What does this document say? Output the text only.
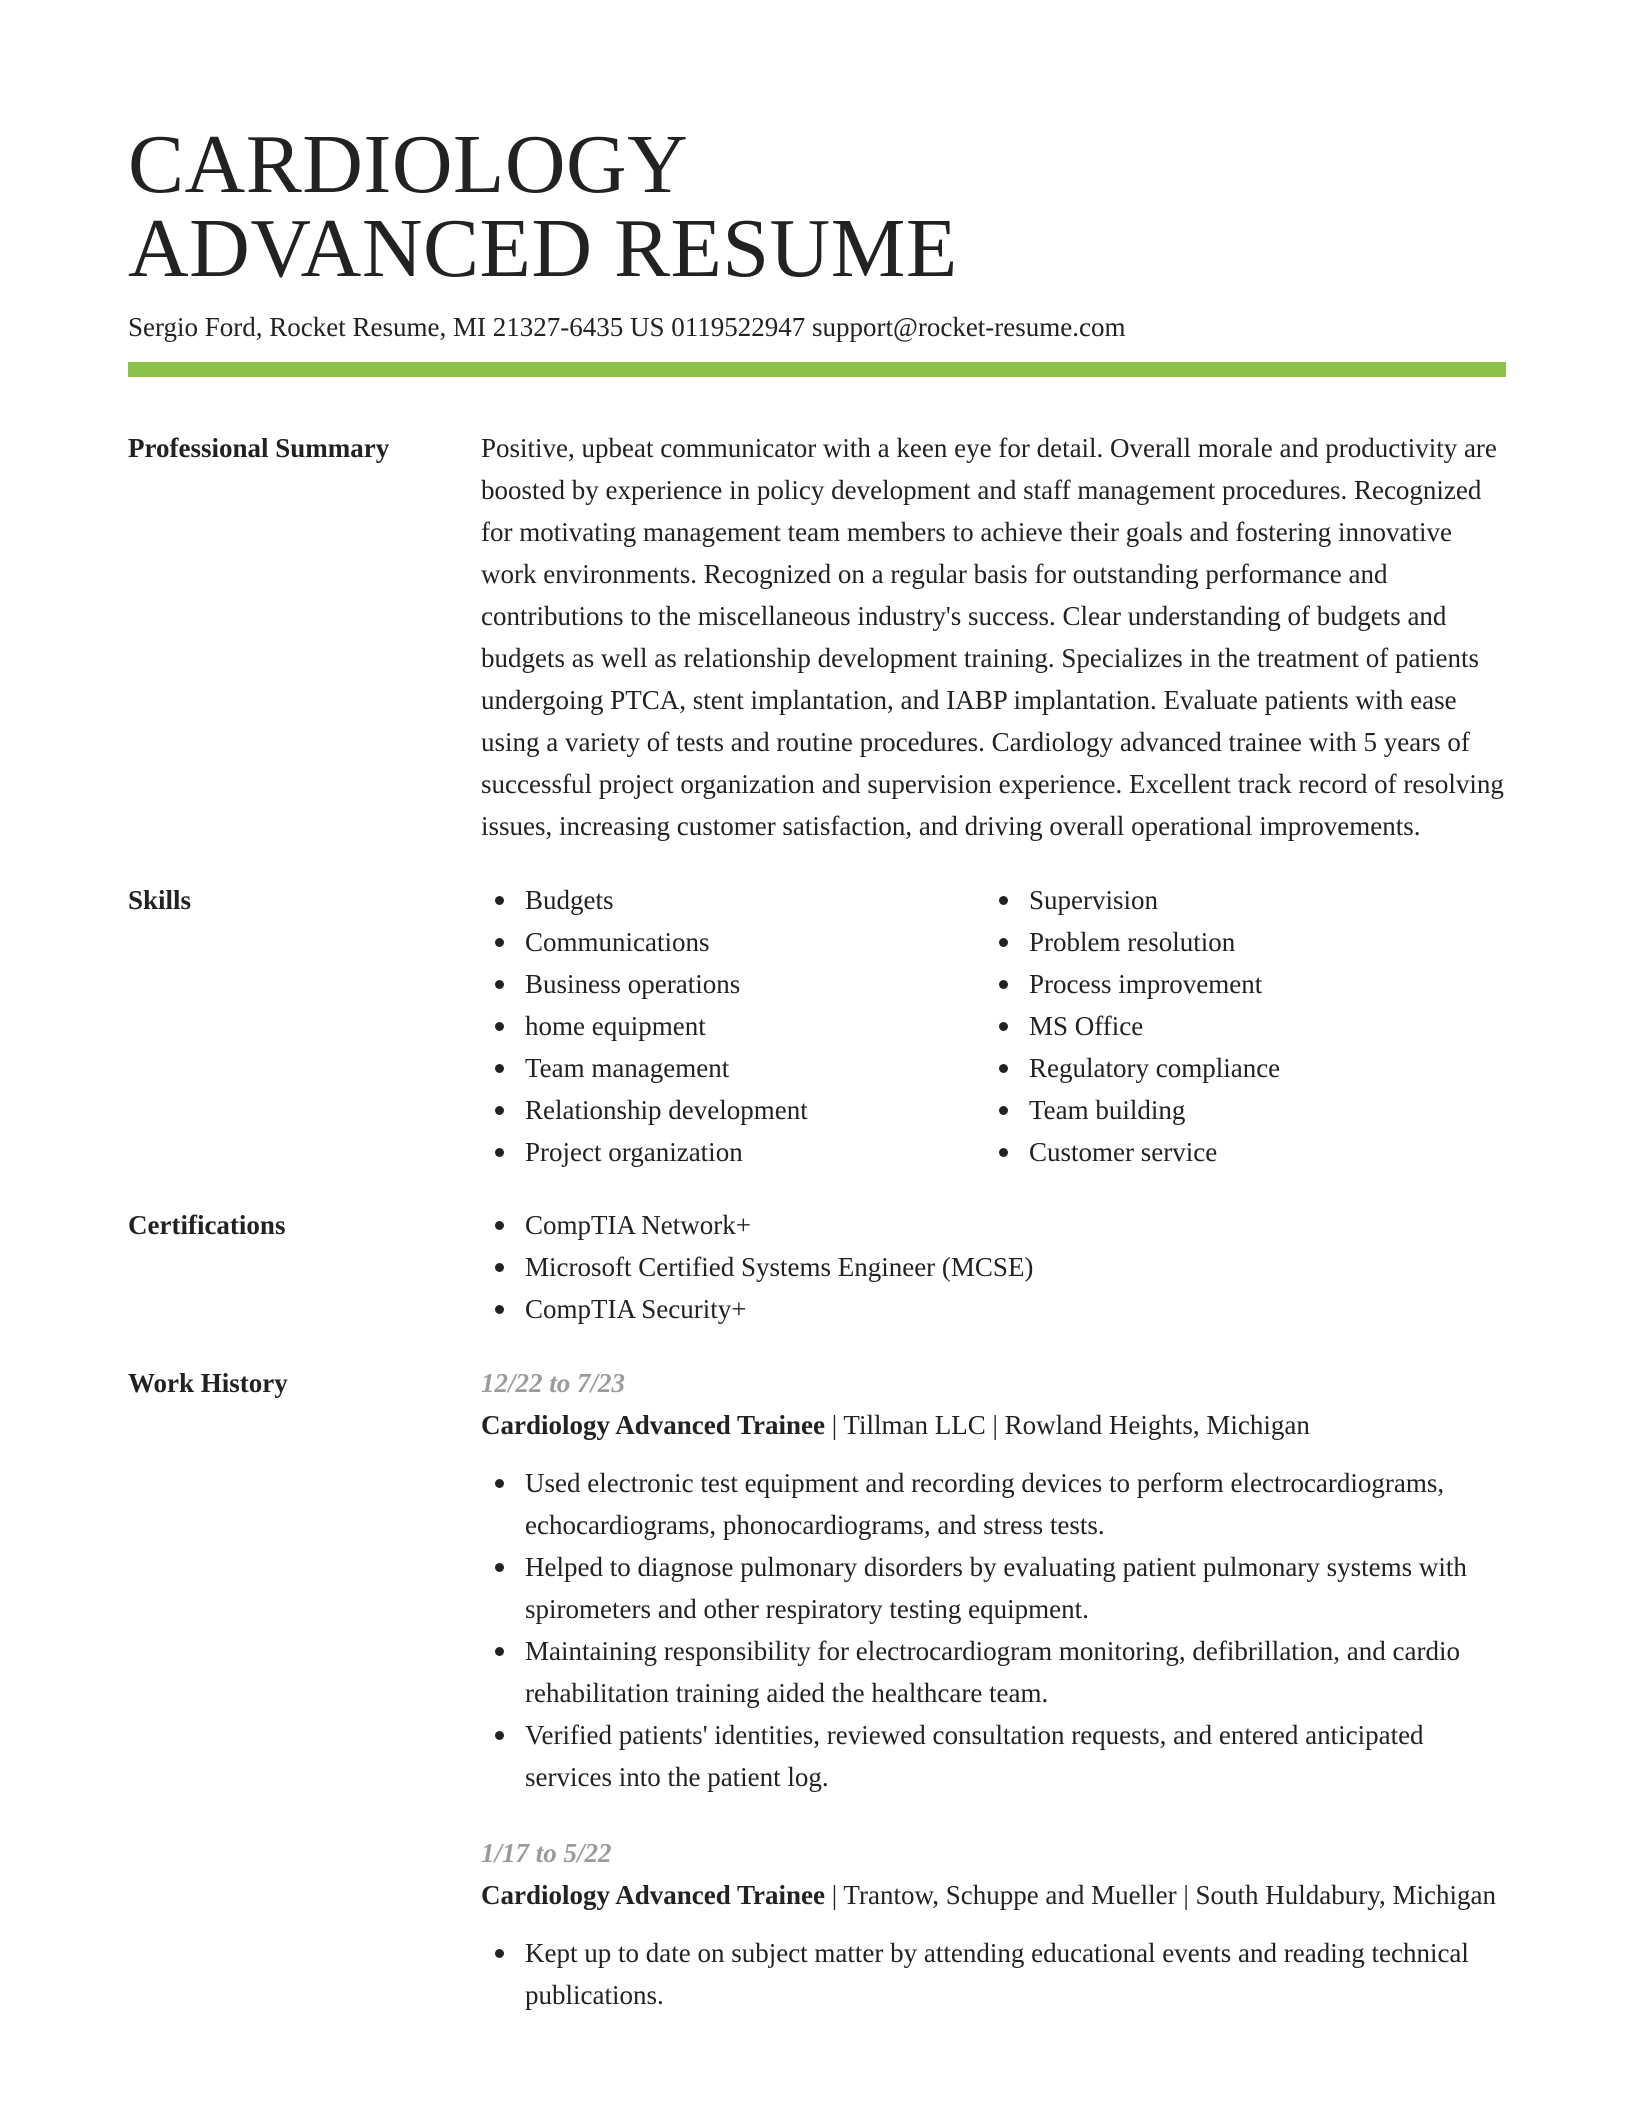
CARDIOLOGY
ADVANCED RESUME
Sergio Ford, Rocket Resume, MI 21327-6435 US 0119522947 support@rocket-resume.com
Professional Summary	Positive, upbeat communicator with a keen eye for detail. Overall morale and productivity are boosted by experience in policy development and staff management procedures. Recognized for motivating management team members to achieve their goals and fostering innovative work environments. Recognized on a regular basis for outstanding performance and contributions to the miscellaneous industry's success. Clear understanding of budgets and budgets as well as relationship development training. Specializes in the treatment of patients undergoing PTCA, stent implantation, and IABP implantation. Evaluate patients with ease using a variety of tests and routine procedures. Cardiology advanced trainee with 5 years of successful project organization and supervision experience. Excellent track record of resolving issues, increasing customer satisfaction, and driving overall operational improvements.
Skills	Budgets
Communications
Business operations
home equipment
Team management
Relationship development
Project organization
Supervision
Problem resolution
Process improvement
MS Office
Regulatory compliance
Team building
Customer service
Certifications	CompTIA Network+
Microsoft Certified Systems Engineer (MCSE)
CompTIA Security+
Work History	12/22 to 7/23
Cardiology Advanced Trainee | Tillman LLC | Rowland Heights, Michigan
Used electronic test equipment and recording devices to perform electrocardiograms, echocardiograms, phonocardiograms, and stress tests.
Helped to diagnose pulmonary disorders by evaluating patient pulmonary systems with spirometers and other respiratory testing equipment.
Maintaining responsibility for electrocardiogram monitoring, defibrillation, and cardio rehabilitation training aided the healthcare team.
Verified patients' identities, reviewed consultation requests, and entered anticipated services into the patient log.
1/17 to 5/22
Cardiology Advanced Trainee | Trantow, Schuppe and Mueller | South Huldabury, Michigan
Kept up to date on subject matter by attending educational events and reading technical publications.
